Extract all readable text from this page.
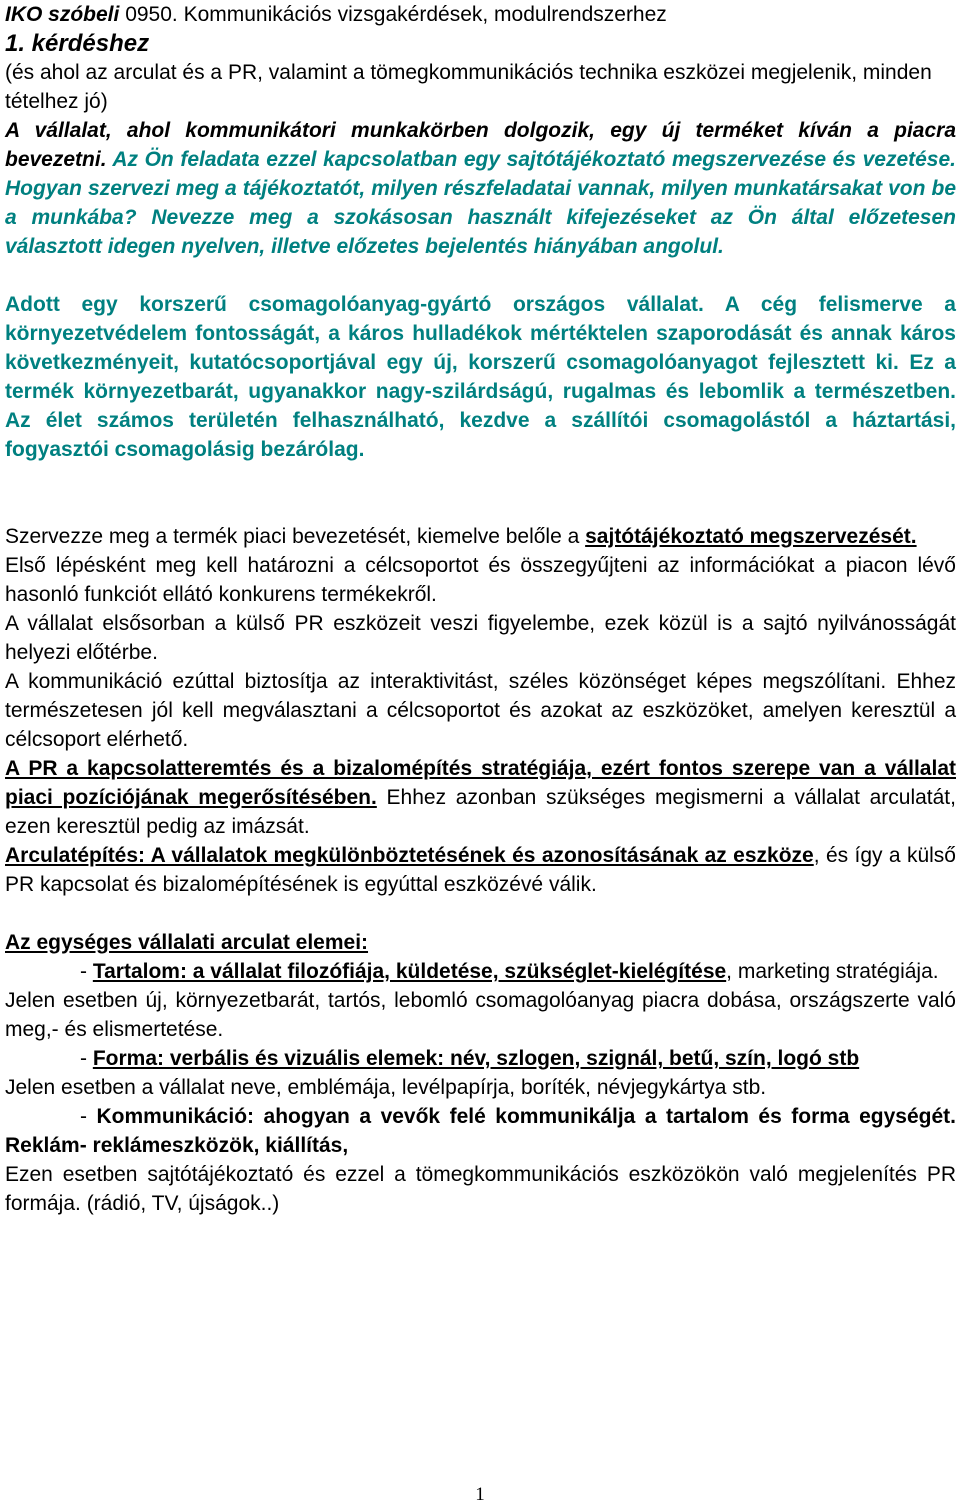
IKO szóbeli 0950. Kommunikációs vizsgakérdések, modulrendszerhez

1. kérdéshez

(és ahol az arculat és a PR, valamint a tömegkommunikációs technika eszközei megjelenik, minden tételhez jó)

A vállalat, ahol kommunikátori munkakörben dolgozik, egy új terméket kíván a piacra bevezetni. Az Ön feladata ezzel kapcsolatban egy sajtótájékoztató megszervezése és vezetése. Hogyan szervezi meg a tájékoztatót, milyen részfeladatai vannak, milyen munkatársakat von be a munkába? Nevezze meg a szokásosan használt kifejezéseket az Ön által előzetesen választott idegen nyelven, illetve előzetes bejelentés hiányában angolul.

Adott egy korszerű csomagolóanyag-gyártó országos vállalat. A cég felismerve a környezetvédelem fontosságát, a káros hulladékok mértéktelen szaporodását és annak káros következményeit, kutatócsoportjával egy új, korszerű csomagolóanyagot fejlesztett ki. Ez a termék környezetbarát, ugyanakkor nagy-szilárdságú, rugalmas és lebomlik a természetben. Az élet számos területén felhasználható, kezdve a szállítói csomagolástól a háztartási, fogyasztói csomagolásig bezárólag.

Szervezze meg a termék piaci bevezetését, kiemelve belőle a sajtótájékoztató megszervezését.

Első lépésként meg kell határozni a célcsoportot és összegyűjteni az információkat a piacon lévő hasonló funkciót ellátó konkurens termékekről.

A vállalat elsősorban a külső PR eszközeit veszi figyelembe, ezek közül is a sajtó nyilvánosságát helyezi előtérbe.

A kommunikáció ezúttal biztosítja az interaktivitást, széles közönséget képes megszólítani. Ehhez természetesen jól kell megválasztani a célcsoportot és azokat az eszközöket, amelyen keresztül a célcsoport elérhető.

A PR a kapcsolatteremtés és a bizalomépítés stratégiája, ezért fontos szerepe van a vállalat piaci pozíciójának megerősítésében. Ehhez azonban szükséges megismerni a vállalat arculatát, ezen keresztül pedig az imázsát.

Arculatépítés: A vállalatok megkülönböztetésének és azonosításának az eszköze, és így a külső PR kapcsolat és bizalomépítésének is egyúttal eszközévé válik.

Az egységes vállalati arculat elemei:

- Tartalom: a vállalat filozófiája, küldetése, szükséglet-kielégítése, marketing stratégiája.

Jelen esetben új, környezetbarát, tartós, lebomló csomagolóanyag piacra dobása, országszerte való meg,- és elismertetése.

- Forma: verbális és vizuális elemek: név, szlogen, szignál, betű, szín, logó stb

Jelen esetben a vállalat neve, emblémája, levélpapírja, boríték, névjegykártya stb.

- Kommunikáció: ahogyan a vevők felé kommunikálja a tartalom és forma egységét. Reklám- reklámeszközök, kiállítás,

Ezen esetben sajtótájékoztató és ezzel a tömegkommunikációs eszközökön való megjelenítés PR formája. (rádió, TV, újságok..)

1
